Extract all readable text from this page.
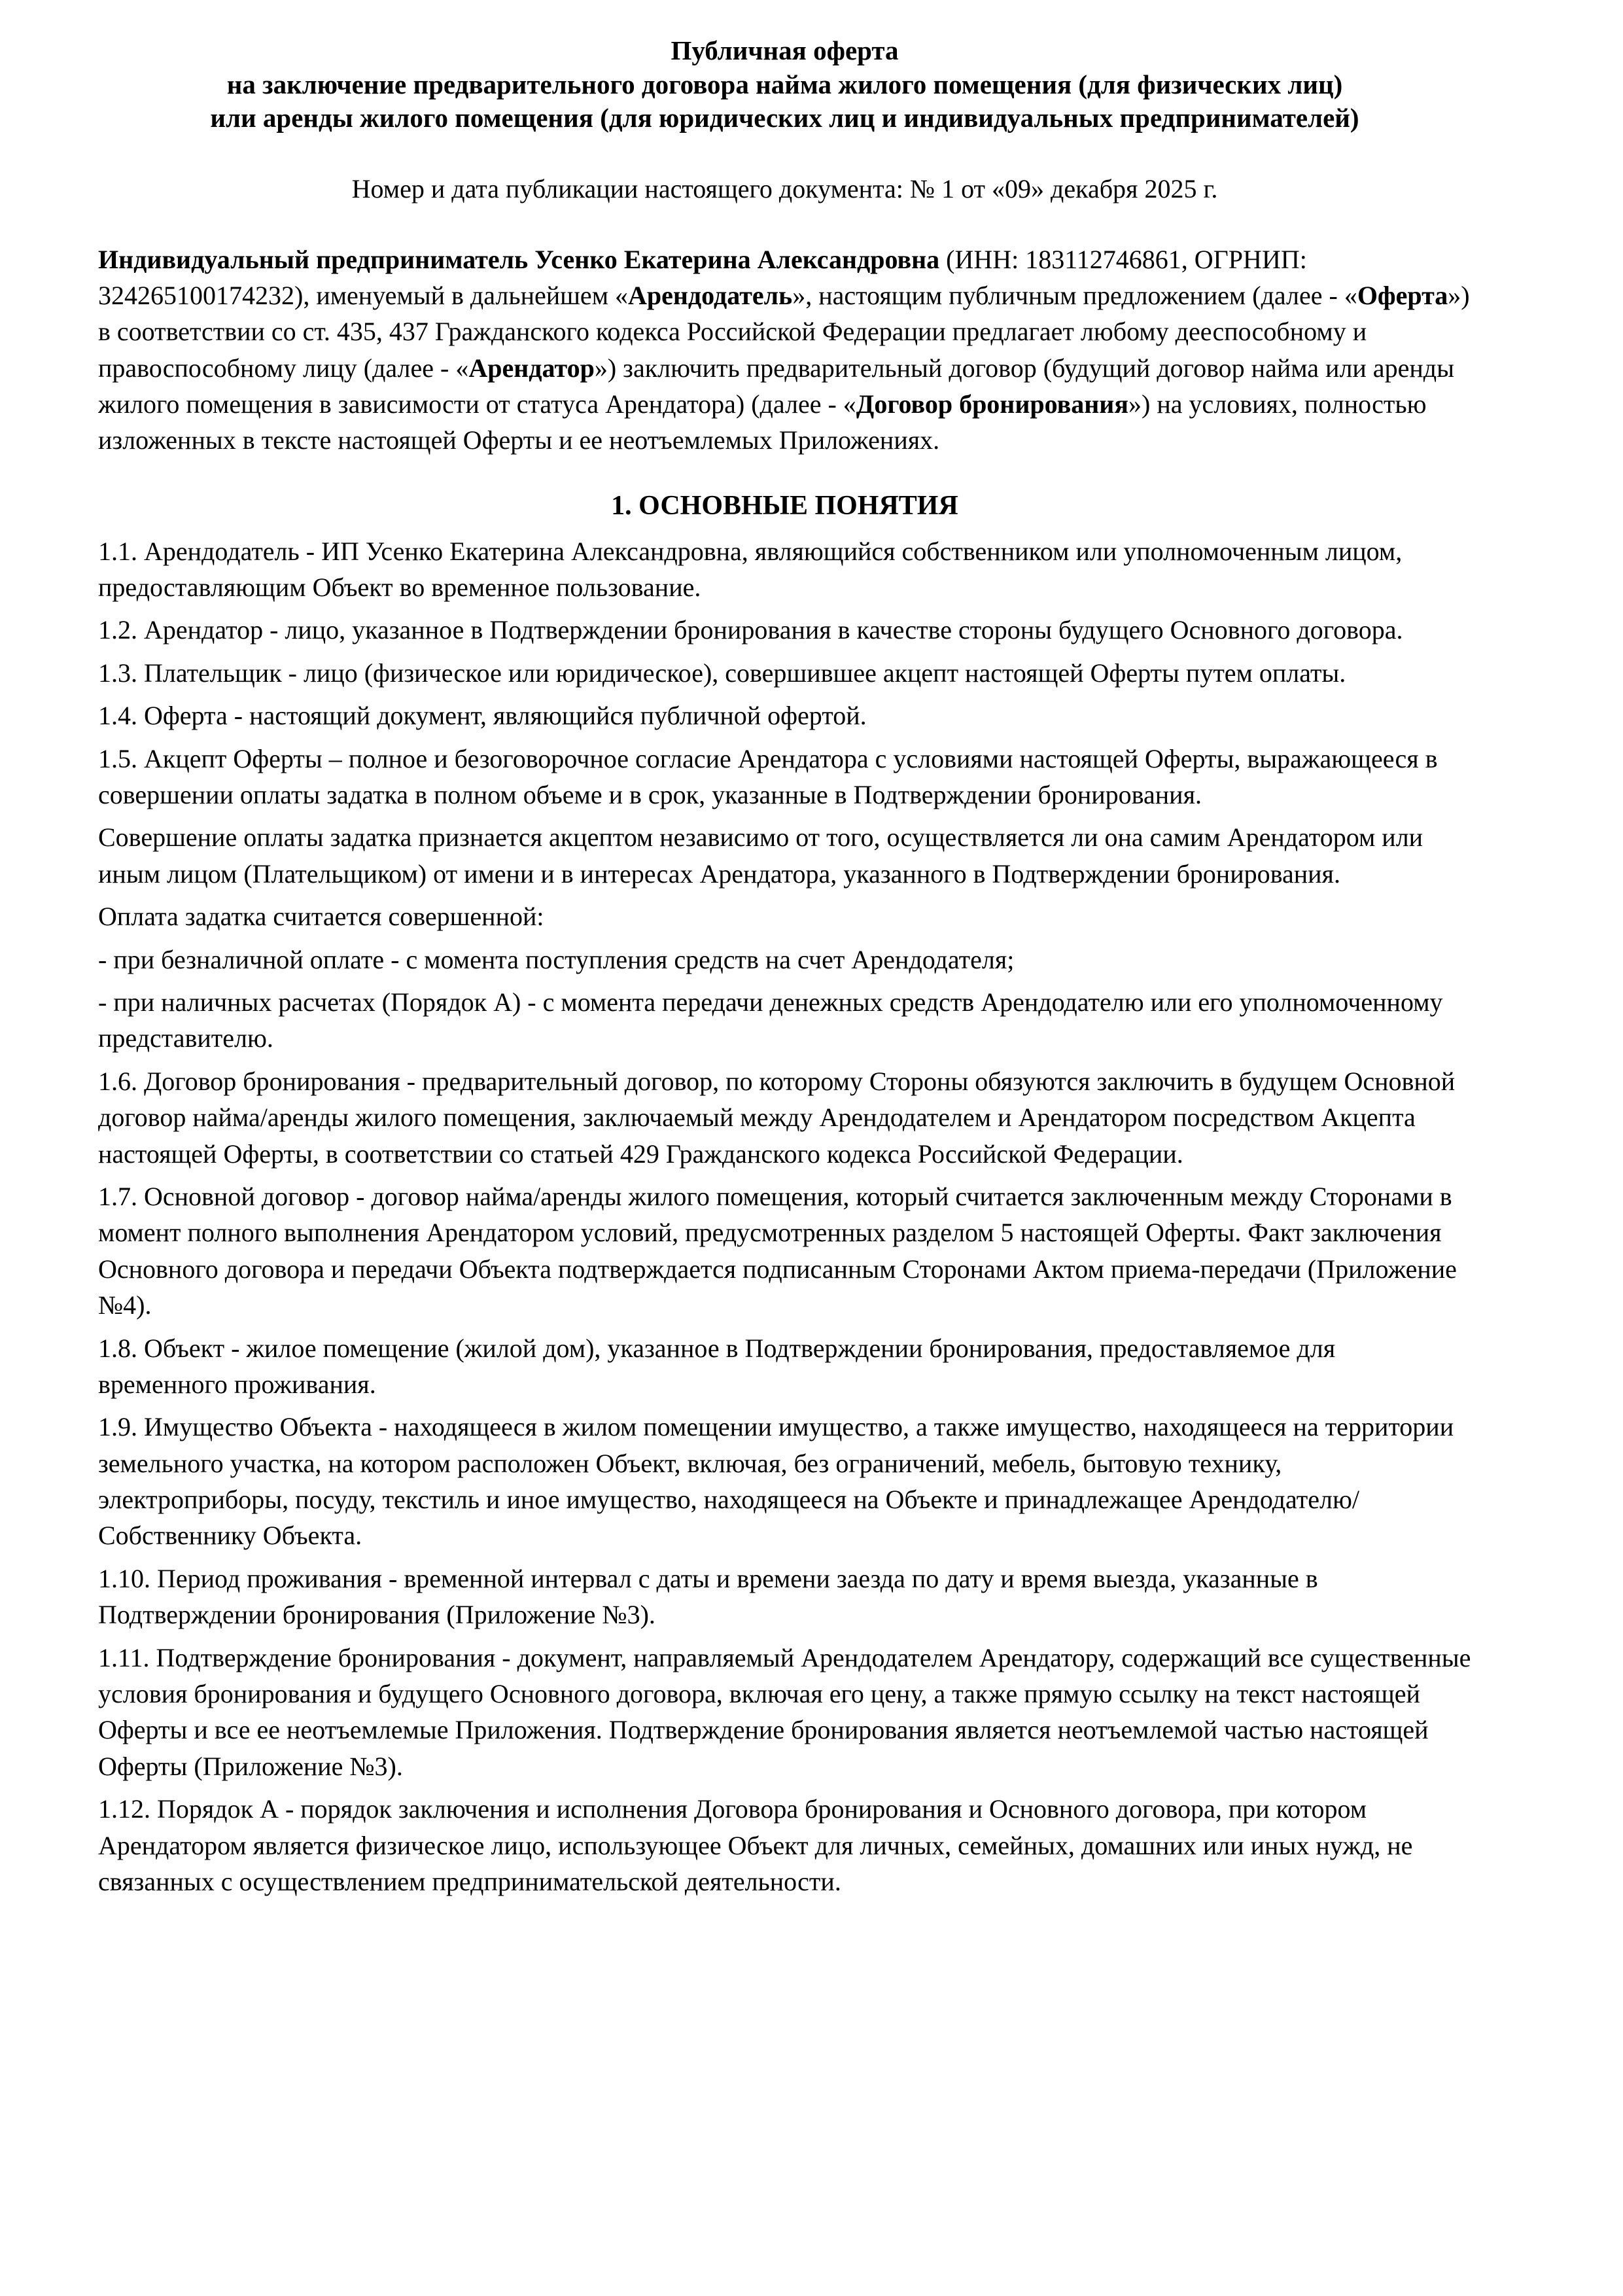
Публичная оферта
на заключение предварительного договора найма жилого помещения (для физических лиц)
или аренды жилого помещения (для юридических лиц и индивидуальных предпринимателей)

Номер и дата публикации настоящего документа: № 1 от «09» декабря 2025 г.

Индивидуальный предприниматель Усенко Екатерина Александровна (ИНН: 183112746861, ОГРНИП: 324265100174232), именуемый в дальнейшем «Арендодатель», настоящим публичным предложением (далее - «Оферта») в соответствии со ст. 435, 437 Гражданского кодекса Российской Федерации предлагает любому дееспособному и правоспособному лицу (далее - «Арендатор») заключить предварительный договор (будущий договор найма или аренды жилого помещения в зависимости от статуса Арендатора) (далее - «Договор бронирования») на условиях, полностью изложенных в тексте настоящей Оферты и ее неотъемлемых Приложениях.

1. ОСНОВНЫЕ ПОНЯТИЯ

1.1. Арендодатель - ИП Усенко Екатерина Александровна, являющийся собственником или уполномоченным лицом, предоставляющим Объект во временное пользование.

1.2. Арендатор - лицо, указанное в Подтверждении бронирования в качестве стороны будущего Основного договора.

1.3. Плательщик - лицо (физическое или юридическое), совершившее акцепт настоящей Оферты путем оплаты.

1.4. Оферта - настоящий документ, являющийся публичной офертой.

1.5. Акцепт Оферты – полное и безоговорочное согласие Арендатора с условиями настоящей Оферты, выражающееся в совершении оплаты задатка в полном объеме и в срок, указанные в Подтверждении бронирования.

Совершение оплаты задатка признается акцептом независимо от того, осуществляется ли она самим Арендатором или иным лицом (Плательщиком) от имени и в интересах Арендатора, указанного в Подтверждении бронирования.

Оплата задатка считается совершенной:

- при безналичной оплате - с момента поступления средств на счет Арендодателя;

- при наличных расчетах (Порядок А) - с момента передачи денежных средств Арендодателю или его уполномоченному представителю.

1.6. Договор бронирования - предварительный договор, по которому Стороны обязуются заключить в будущем Основной договор найма/аренды жилого помещения, заключаемый между Арендодателем и Арендатором посредством Акцепта настоящей Оферты, в соответствии со статьей 429 Гражданского кодекса Российской Федерации.

1.7. Основной договор - договор найма/аренды жилого помещения, который считается заключенным между Сторонами в момент полного выполнения Арендатором условий, предусмотренных разделом 5 настоящей Оферты. Факт заключения Основного договора и передачи Объекта подтверждается подписанным Сторонами Актом приема-передачи (Приложение №4).

1.8. Объект - жилое помещение (жилой дом), указанное в Подтверждении бронирования, предоставляемое для временного проживания.

1.9. Имущество Объекта - находящееся в жилом помещении имущество, а также имущество, находящееся на территории земельного участка, на котором расположен Объект, включая, без ограничений, мебель, бытовую технику, электроприборы, посуду, текстиль и иное имущество, находящееся на Объекте и принадлежащее Арендодателю/Собственнику Объекта.

1.10. Период проживания - временной интервал с даты и времени заезда по дату и время выезда, указанные в Подтверждении бронирования (Приложение №3).

1.11. Подтверждение бронирования - документ, направляемый Арендодателем Арендатору, содержащий все существенные условия бронирования и будущего Основного договора, включая его цену, а также прямую ссылку на текст настоящей Оферты и все ее неотъемлемые Приложения. Подтверждение бронирования является неотъемлемой частью настоящей Оферты (Приложение №3).

1.12. Порядок А - порядок заключения и исполнения Договора бронирования и Основного договора, при котором Арендатором является физическое лицо, использующее Объект для личных, семейных, домашних или иных нужд, не связанных с осуществлением предпринимательской деятельности.
